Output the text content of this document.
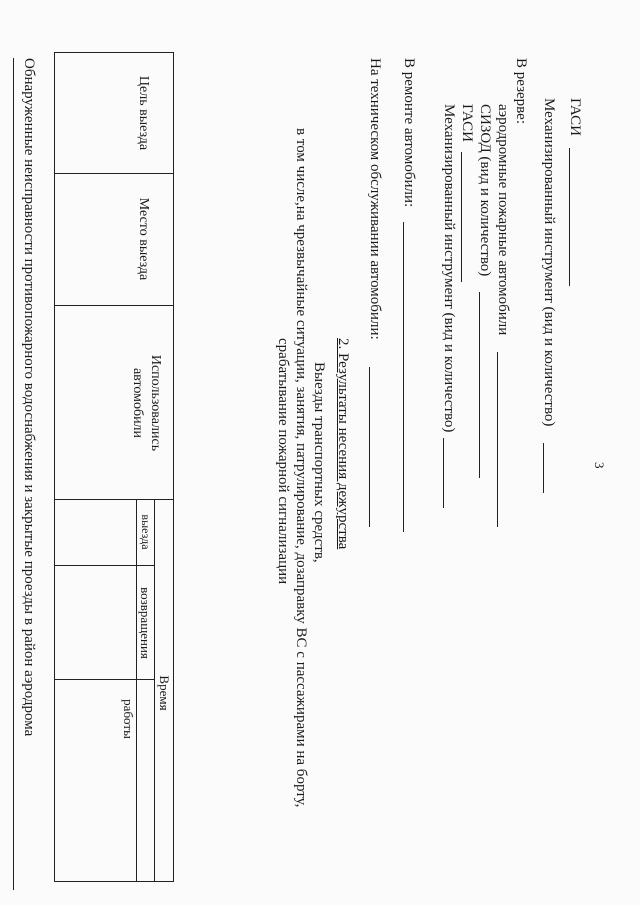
3
ГАСИ
Механизированный инструмент (вид и количество)
В резерве:
аэродромные пожарные автомобили
СИЗОД (вид и количество)
ГАСИ
Механизированный инструмент (вид и количество)
В ремонте автомобили:
На техническом обслуживании автомобили:
2. Результаты несения дежурства
Выезды транспортных средств,
в том числе,на чрезвычайные ситуации, занятия, патрулирование, дозаправку ВС с пассажирами на борту,
срабатывание пожарной сигнализации
Цель выезда
Место выезда
Использовались
автомобили
Время
выезда
возвращения
работы
Обнаруженные неисправности противопожарного водоснабжения и закрытые проезды в район аэродрома
